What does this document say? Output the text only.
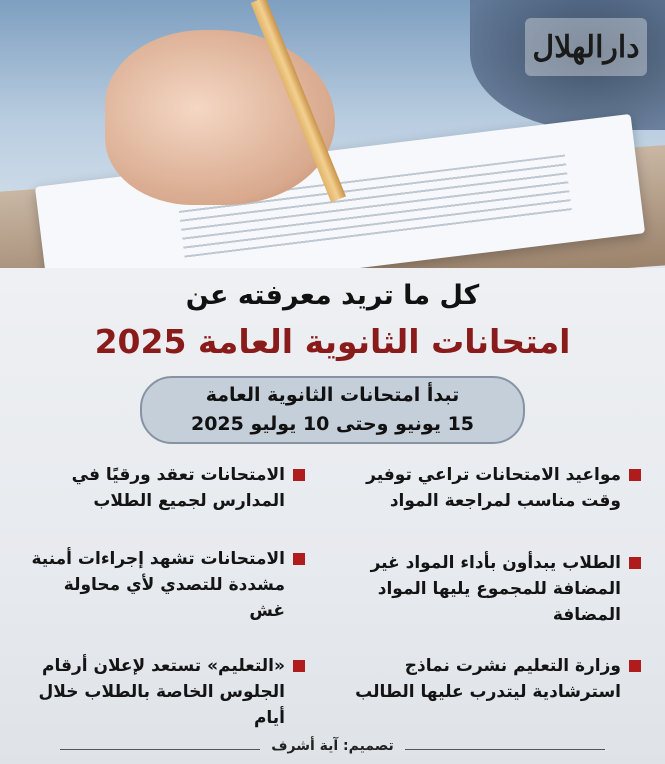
دارالهلال
كل ما تريد معرفته عن
امتحانات الثانوية العامة 2025
تبدأ امتحانات الثانوية العامة
15 يونيو وحتى 10 يوليو 2025
مواعيد الامتحانات تراعي توفير وقت مناسب لمراجعة المواد
الطلاب يبدأون بأداء المواد غير المضافة للمجموع يليها المواد المضافة
وزارة التعليم نشرت نماذج استرشادية ليتدرب عليها الطالب
الامتحانات تعقد ورقيًا في المدارس لجميع الطلاب
الامتحانات تشهد إجراءات أمنية مشددة للتصدي لأي محاولة غش
«التعليم» تستعد لإعلان أرقام الجلوس الخاصة بالطلاب خلال أيام
تصميم: آية أشرف
